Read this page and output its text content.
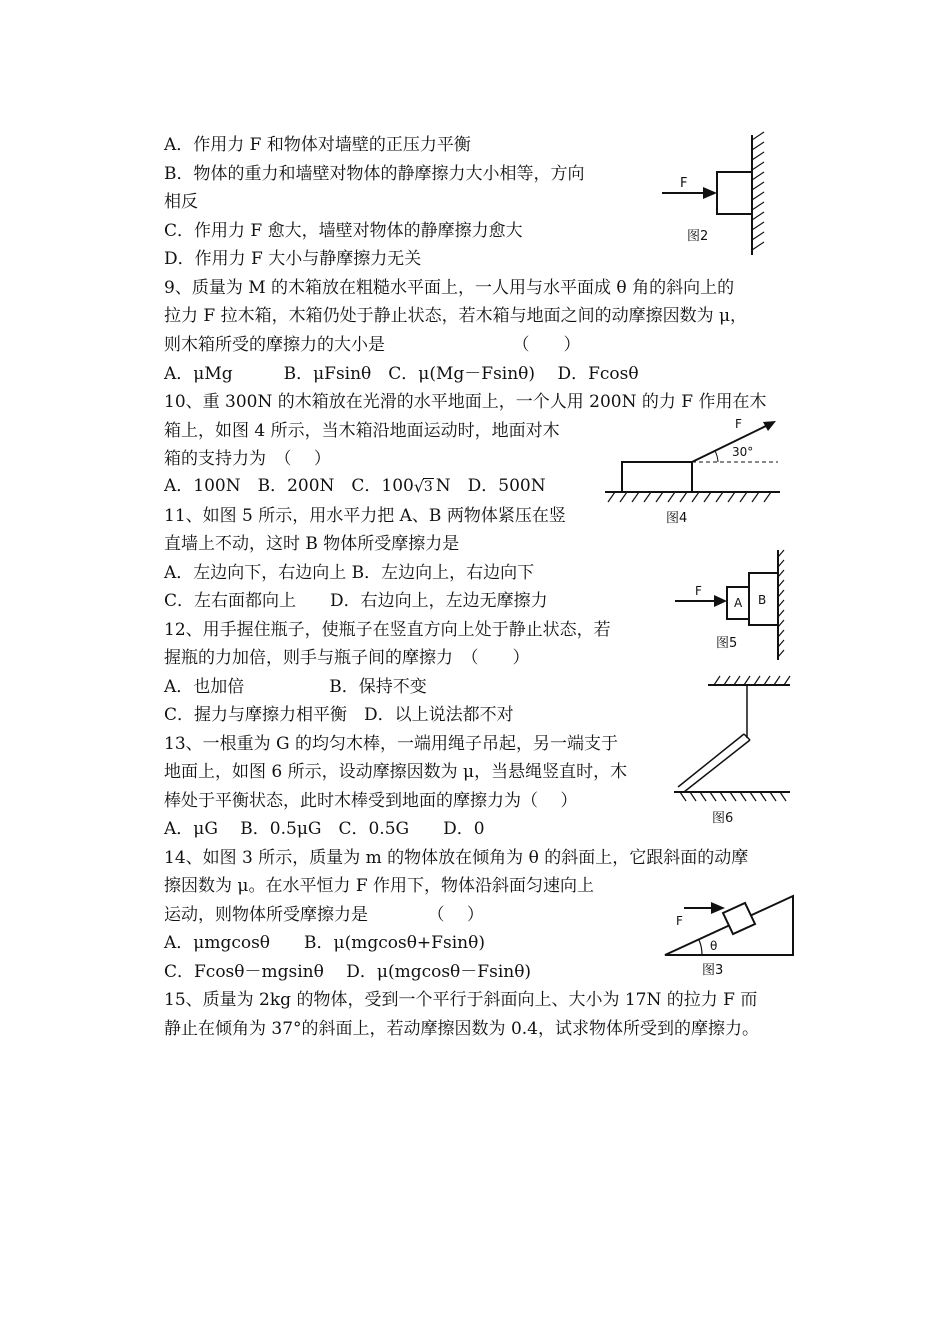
A．作用力 F 和物体对墙壁的正压力平衡
B．物体的重力和墙壁对物体的静摩擦力大小相等，方向
相反
C．作用力 F 愈大，墙壁对物体的静摩擦力愈大
D．作用力 F 大小与静摩擦力无关
9、质量为 M 的木箱放在粗糙水平面上，一人用与水平面成 θ 角的斜向上的
拉力 F 拉木箱，木箱仍处于静止状态，若木箱与地面之间的动摩擦因数为 μ，
则木箱所受的摩擦力的大小是　　　　　　　　（　　）
A．μMg　　　B．μFsinθ　C．μ(Mg－Fsinθ)　 D．Fcosθ
10、重 300N 的木箱放在光滑的水平地面上，一个人用 200N 的力 F 作用在木
箱上，如图 4 所示，当木箱沿地面运动时，地面对木
箱的支持力为　（　 ）
A．100N　B．200N　C．100 √ 3 N　D．500N
11、如图 5 所示，用水平力把 A、B 两物体紧压在竖
直墙上不动，这时 B 物体所受摩擦力是
A．左边向下，右边向上 B．左边向上，右边向下
C．左右面都向上　　D．右边向上，左边无摩擦力
12、用手握住瓶子，使瓶子在竖直方向上处于静止状态，若
握瓶的力加倍，则手与瓶子间的摩擦力　（　　）
A．也加倍　　　　　B．保持不变
C．握力与摩擦力相平衡　D．以上说法都不对
13、一根重为 G 的均匀木棒，一端用绳子吊起，另一端支于
地面上，如图 6 所示，设动摩擦因数为 μ，当悬绳竖直时，木
棒处于平衡状态，此时木棒受到地面的摩擦力为（　 ）
A．μG　 B．0.5μG　C．0.5G　　D．0
14、如图 3 所示，质量为 m 的物体放在倾角为 θ 的斜面上，它跟斜面的动摩
擦因数为 μ。在水平恒力 F 作用下，物体沿斜面匀速向上
运动，则物体所受摩擦力是　　　　（　 ）
A．μmgcosθ　　B．μ(mgcosθ+Fsinθ)
C．Fcosθ－mgsinθ　 D．μ(mgcosθ－Fsinθ)
15、质量为 2kg 的物体，受到一个平行于斜面向上、大小为 17N 的拉力 F 而
静止在倾角为 37°的斜面上，若动摩擦因数为 0.4，试求物体所受到的摩擦力。
F
图2
F
30°
图4
F
A B
图5
图6
F
θ
图3
